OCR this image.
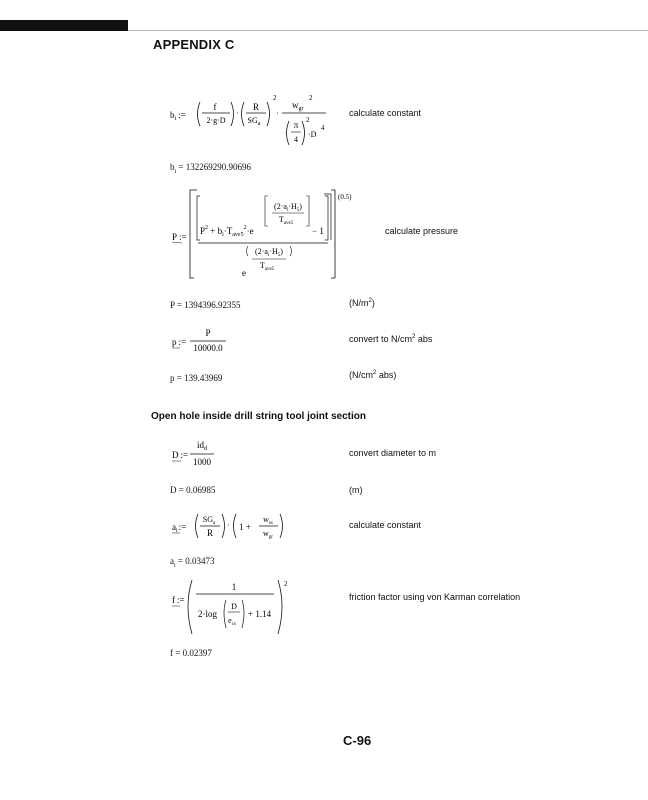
APPENDIX C
$b_i$ :=
f
2·g·D
·
R
$SG_a$
2
·
$w_{gr}$
2
π
4
2
·D
4
calculate constant
$b_i = 132269290.90696$
P :=
(0.5)
$P^2 + b_i\cdot T_{ave5}^2\cdot e$
$(2\cdot a_i\cdot H_5)$
$T_{ave5}$
− 1
$(2\cdot a_i\cdot H_5)$
$T_{ave5}$
e
calculate pressure
P = 1394396.92355	$(N/m^2)$
p :=
P
10000.0
convert to $N/cm^2$ abs
p = 139.43969	($N/cm^2$ abs)
Open hole inside drill string tool joint section
D :=
$id_d$
1000
convert diameter to m
D = 0.06985	(m)
$a_i:=$
$SG_a$
R
· 1 +
$w_{ss}$
$w_{gr}$
calculate constant
$a_i = 0.03473$
f :=
1
2·log
D
$e_{cs}$
+ 1.14
2
friction factor using von Karman correlation
f = 0.02397
C-96
